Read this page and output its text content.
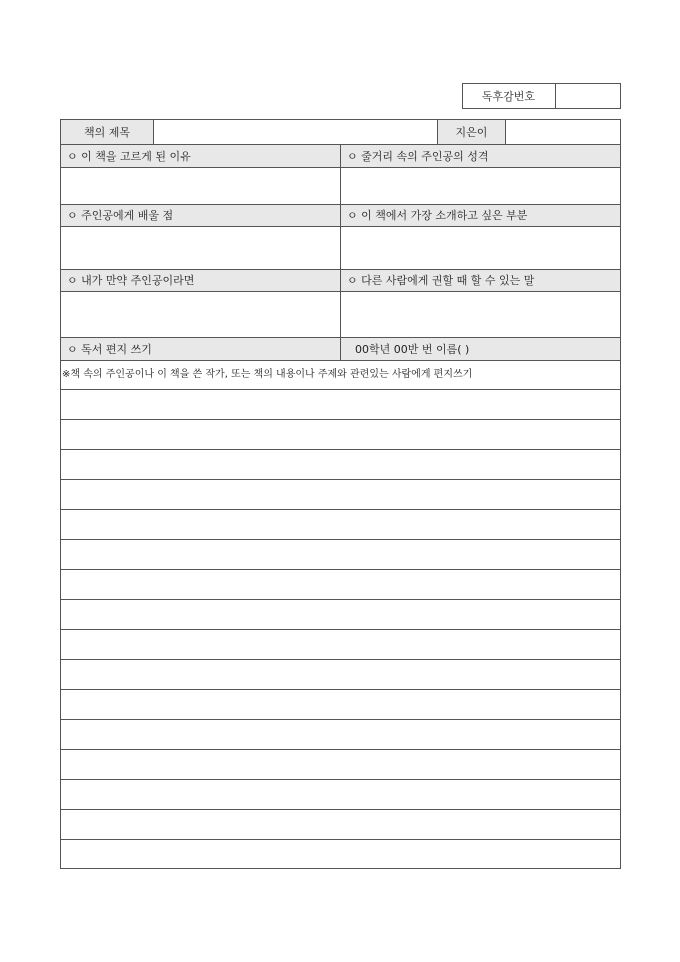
독후감번호
책의 제목	지은이
ㅇ 이 책을 고르게 된 이유	ㅇ 줄거리 속의 주인공의 성격
ㅇ 주인공에게 배울 점	ㅇ 이 책에서 가장 소개하고 싶은 부분
ㅇ 내가 만약 주인공이라면	ㅇ 다른 사람에게 권할 때 할 수 있는 말
ㅇ 독서 편지 쓰기	00학년 00반 번 이름( )
※책 속의 주인공이나 이 책을 쓴 작가, 또는 책의 내용이나 주제와 관련있는 사람에게 편지쓰기
